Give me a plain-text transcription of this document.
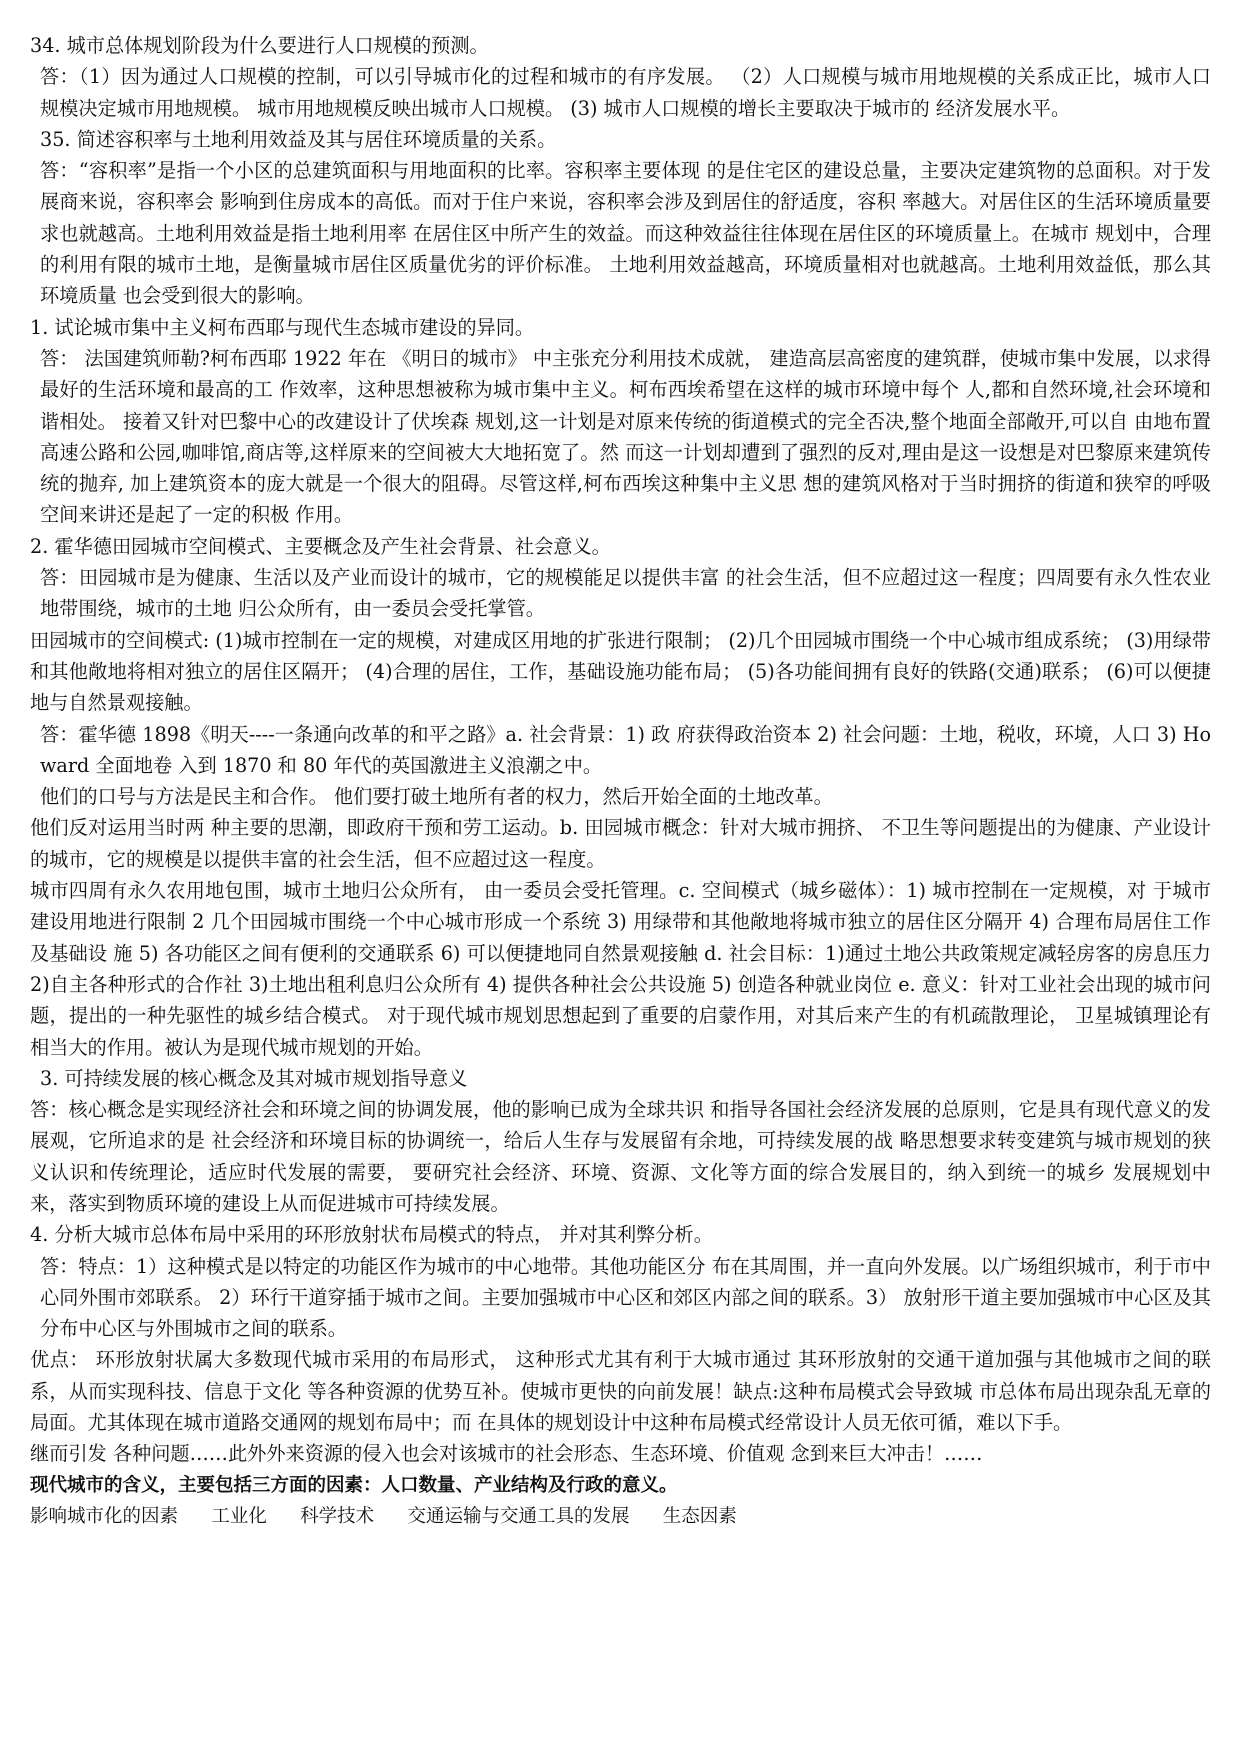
34. 城市总体规划阶段为什么要进行人口规模的预测。

答：（1）因为通过人口规模的控制，可以引导城市化的过程和城市的有序发展。 （2）人口规模与城市用地规模的关系成正比，城市人口规模决定城市用地规模。 城市用地规模反映出城市人口规模。 (3) 城市人口规模的增长主要取决于城市的 经济发展水平。

35. 简述容积率与土地利用效益及其与居住环境质量的关系。

答：“容积率”是指一个小区的总建筑面积与用地面积的比率。容积率主要体现 的是住宅区的建设总量，主要决定建筑物的总面积。对于发展商来说，容积率会 影响到住房成本的高低。而对于住户来说，容积率会涉及到居住的舒适度，容积 率越大。对居住区的生活环境质量要求也就越高。土地利用效益是指土地利用率 在居住区中所产生的效益。而这种效益往往体现在居住区的环境质量上。在城市 规划中，合理的利用有限的城市土地，是衡量城市居住区质量优劣的评价标准。 土地利用效益越高，环境质量相对也就越高。土地利用效益低，那么其环境质量 也会受到很大的影响。

1. 试论城市集中主义柯布西耶与现代生态城市建设的异同。

答： 法国建筑师勒?柯布西耶 1922 年在 《明日的城市》 中主张充分利用技术成就， 建造高层高密度的建筑群，使城市集中发展，以求得最好的生活环境和最高的工 作效率，这种思想被称为城市集中主义。柯布西埃希望在这样的城市环境中每个 人,都和自然环境,社会环境和谐相处。 接着又针对巴黎中心的改建设计了伏埃森 规划,这一计划是对原来传统的街道模式的完全否决,整个地面全部敞开,可以自 由地布置高速公路和公园,咖啡馆,商店等,这样原来的空间被大大地拓宽了。然 而这一计划却遭到了强烈的反对,理由是这一设想是对巴黎原来建筑传统的抛弃, 加上建筑资本的庞大就是一个很大的阻碍。尽管这样,柯布西埃这种集中主义思 想的建筑风格对于当时拥挤的街道和狭窄的呼吸空间来讲还是起了一定的积极 作用。

2. 霍华德田园城市空间模式、主要概念及产生社会背景、社会意义。

答：田园城市是为健康、生活以及产业而设计的城市，它的规模能足以提供丰富 的社会生活，但不应超过这一程度；四周要有永久性农业地带围绕，城市的土地 归公众所有，由一委员会受托掌管。

田园城市的空间模式: (1)城市控制在一定的规模，对建成区用地的扩张进行限制； (2)几个田园城市围绕一个中心城市组成系统； (3)用绿带和其他敞地将相对独立的居住区隔开； (4)合理的居住，工作，基础设施功能布局； (5)各功能间拥有良好的铁路(交通)联系； (6)可以便捷地与自然景观接触。

答：霍华德 1898《明天----一条通向改革的和平之路》a. 社会背景：1) 政 府获得政治资本 2) 社会问题：土地，税收，环境，人口 3) Howard 全面地卷 入到 1870 和 80 年代的英国激进主义浪潮之中。

他们的口号与方法是民主和合作。 他们要打破土地所有者的权力，然后开始全面的土地改革。

他们反对运用当时两 种主要的思潮，即政府干预和劳工运动。b. 田园城市概念：针对大城市拥挤、 不卫生等问题提出的为健康、产业设计的城市，它的规模是以提供丰富的社会生活，但不应超过这一程度。

城市四周有永久农用地包围，城市土地归公众所有， 由一委员会受托管理。c. 空间模式（城乡磁体）：1) 城市控制在一定规模，对 于城市建设用地进行限制 2 几个田园城市围绕一个中心城市形成一个系统 3) 用绿带和其他敞地将城市独立的居住区分隔开 4) 合理布局居住工作及基础设 施 5) 各功能区之间有便利的交通联系 6) 可以便捷地同自然景观接触 d. 社会目标：1)通过土地公共政策规定减轻房客的房息压力 2)自主各种形式的合作社 3)土地出租利息归公众所有 4) 提供各种社会公共设施 5) 创造各种就业岗位 e. 意义：针对工业社会出现的城市问题，提出的一种先驱性的城乡结合模式。 对于现代城市规划思想起到了重要的启蒙作用，对其后来产生的有机疏散理论， 卫星城镇理论有相当大的作用。被认为是现代城市规划的开始。

3. 可持续发展的核心概念及其对城市规划指导意义

答：核心概念是实现经济社会和环境之间的协调发展，他的影响已成为全球共识 和指导各国社会经济发展的总原则，它是具有现代意义的发展观，它所追求的是 社会经济和环境目标的协调统一，给后人生存与发展留有余地，可持续发展的战 略思想要求转变建筑与城市规划的狭义认识和传统理论，适应时代发展的需要， 要研究社会经济、环境、资源、文化等方面的综合发展目的，纳入到统一的城乡 发展规划中来，落实到物质环境的建设上从而促进城市可持续发展。

4. 分析大城市总体布局中采用的环形放射状布局模式的特点， 并对其利弊分析。

答：特点：1）这种模式是以特定的功能区作为城市的中心地带。其他功能区分 布在其周围，并一直向外发展。以广场组织城市，利于市中心同外围市郊联系。 2）环行干道穿插于城市之间。主要加强城市中心区和郊区内部之间的联系。3） 放射形干道主要加强城市中心区及其分布中心区与外围城市之间的联系。

优点： 环形放射状属大多数现代城市采用的布局形式， 这种形式尤其有利于大城市通过 其环形放射的交通干道加强与其他城市之间的联系，从而实现科技、信息于文化 等各种资源的优势互补。使城市更快的向前发展！缺点:这种布局模式会导致城 市总体布局出现杂乱无章的局面。尤其体现在城市道路交通网的规划布局中；而 在具体的规划设计中这种布局模式经常设计人员无依可循，难以下手。

继而引发 各种问题……此外外来资源的侵入也会对该城市的社会形态、生态环境、价值观 念到来巨大冲击！……

现代城市的含义，主要包括三方面的因素：人口数量、产业结构及行政的意义。

影响城市化的因素 工业化 科学技术 交通运输与交通工具的发展 生态因素
